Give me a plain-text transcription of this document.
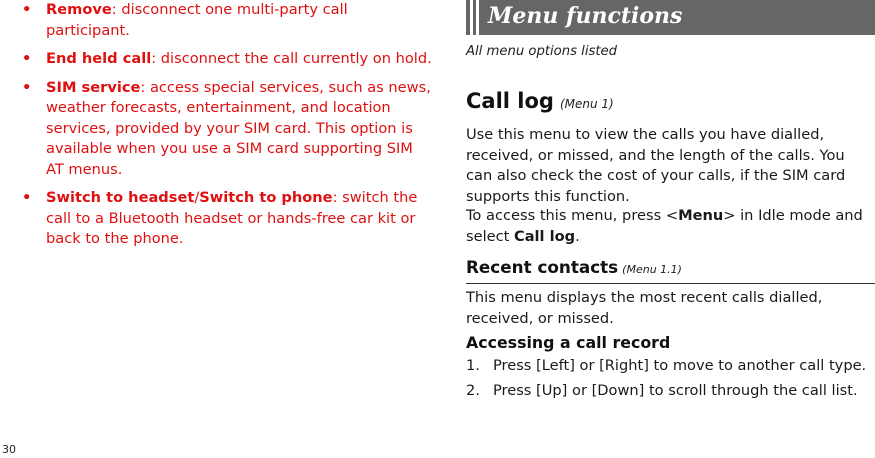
• Remove: disconnect one multi-party call participant.
• End held call: disconnect the call currently on hold.
• SIM service: access special services, such as news, weather forecasts, entertainment, and location services, provided by your SIM card. This option is available when you use a SIM card supporting SIM AT menus.
• Switch to headset/Switch to phone: switch the call to a Bluetooth headset or hands-free car kit or back to the phone.
30
Menu functions
All menu options listed
Call log (Menu 1)
Use this menu to view the calls you have dialled, received, or missed, and the length of the calls. You can also check the cost of your calls, if the SIM card supports this function.
To access this menu, press <Menu> in Idle mode and select Call log.
Recent contacts (Menu 1.1)
This menu displays the most recent calls dialled, received, or missed.
Accessing a call record
1. Press [Left] or [Right] to move to another call type.
2. Press [Up] or [Down] to scroll through the call list.
